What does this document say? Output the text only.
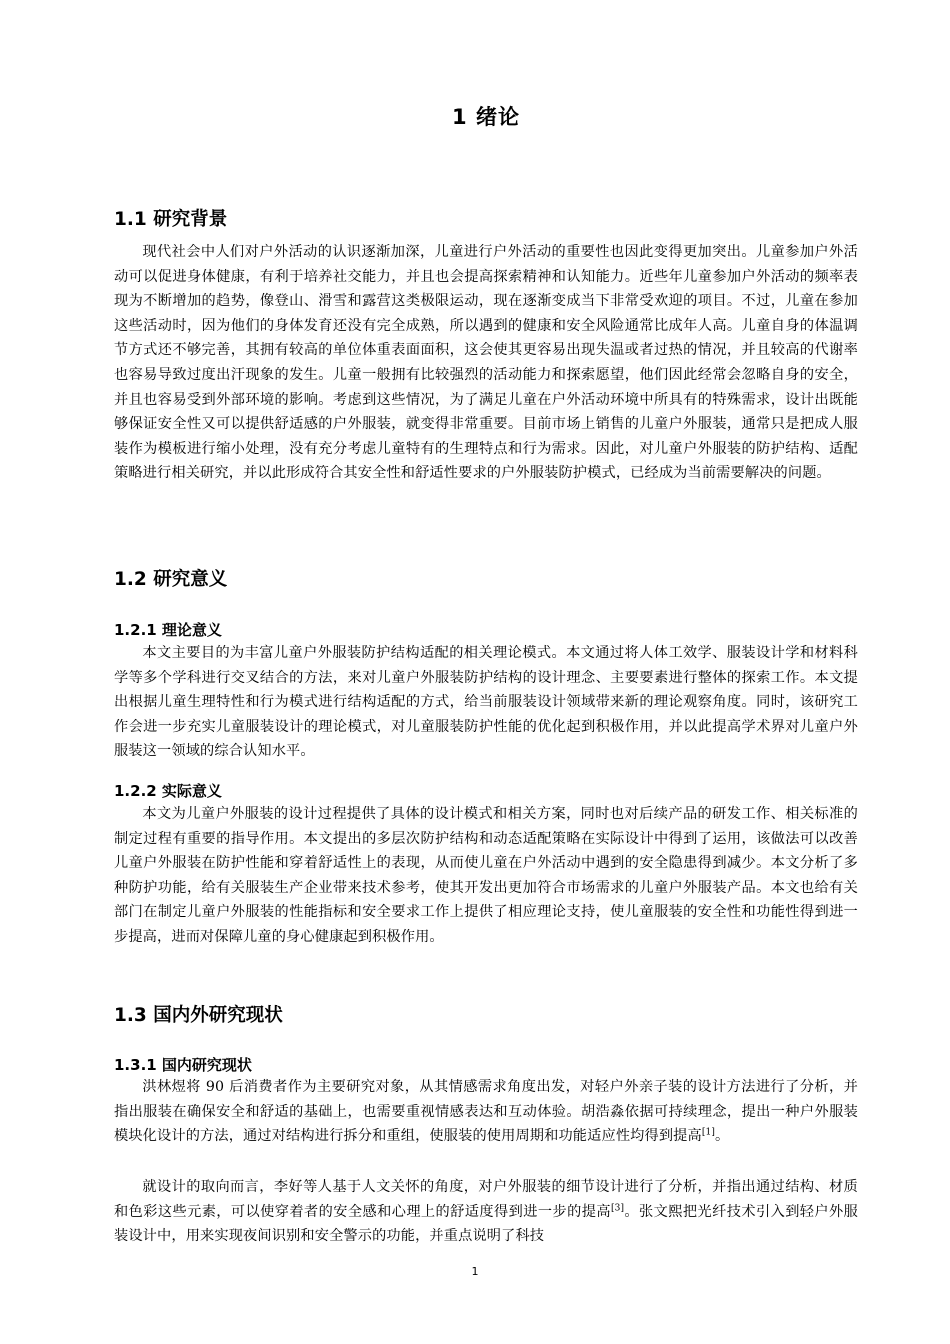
1 绪论
1.1 研究背景

现代社会中人们对户外活动的认识逐渐加深，儿童进行户外活动的重要性也因此变得更加突出。儿童参加户外活动可以促进身体健康，有利于培养社交能力，并且也会提高探索精神和认知能力。近些年儿童参加户外活动的频率表现为不断增加的趋势，像登山、滑雪和露营这类极限运动，现在逐渐变成当下非常受欢迎的项目。不过，儿童在参加这些活动时，因为他们的身体发育还没有完全成熟，所以遇到的健康和安全风险通常比成年人高。儿童自身的体温调节方式还不够完善，其拥有较高的单位体重表面面积，这会使其更容易出现失温或者过热的情况，并且较高的代谢率也容易导致过度出汗现象的发生。儿童一般拥有比较强烈的活动能力和探索愿望，他们因此经常会忽略自身的安全，并且也容易受到外部环境的影响。考虑到这些情况，为了满足儿童在户外活动环境中所具有的特殊需求，设计出既能够保证安全性又可以提供舒适感的户外服装，就变得非常重要。目前市场上销售的儿童户外服装，通常只是把成人服装作为模板进行缩小处理，没有充分考虑儿童特有的生理特点和行为需求。因此，对儿童户外服装的防护结构、适配策略进行相关研究，并以此形成符合其安全性和舒适性要求的户外服装防护模式，已经成为当前需要解决的问题。

1.2 研究意义
1.2.1 理论意义

本文主要目的为丰富儿童户外服装防护结构适配的相关理论模式。本文通过将人体工效学、服装设计学和材料科学等多个学科进行交叉结合的方法，来对儿童户外服装防护结构的设计理念、主要要素进行整体的探索工作。本文提出根据儿童生理特性和行为模式进行结构适配的方式，给当前服装设计领域带来新的理论观察角度。同时，该研究工作会进一步充实儿童服装设计的理论模式，对儿童服装防护性能的优化起到积极作用，并以此提高学术界对儿童户外服装这一领域的综合认知水平。

1.2.2 实际意义

本文为儿童户外服装的设计过程提供了具体的设计模式和相关方案，同时也对后续产品的研发工作、相关标准的制定过程有重要的指导作用。本文提出的多层次防护结构和动态适配策略在实际设计中得到了运用，该做法可以改善儿童户外服装在防护性能和穿着舒适性上的表现，从而使儿童在户外活动中遇到的安全隐患得到减少。本文分析了多种防护功能，给有关服装生产企业带来技术参考，使其开发出更加符合市场需求的儿童户外服装产品。本文也给有关部门在制定儿童户外服装的性能指标和安全要求工作上提供了相应理论支持，使儿童服装的安全性和功能性得到进一步提高，进而对保障儿童的身心健康起到积极作用。

1.3 国内外研究现状
1.3.1 国内研究现状

洪林煜将 90 后消费者作为主要研究对象，从其情感需求角度出发，对轻户外亲子装的设计方法进行了分析，并指出服装在确保安全和舒适的基础上，也需要重视情感表达和互动体验。胡浩淼依据可持续理念，提出一种户外服装模块化设计的方法，通过对结构进行拆分和重组，使服装的使用周期和功能适应性均得到提高[1]。

就设计的取向而言，李好等人基于人文关怀的角度，对户外服装的细节设计进行了分析，并指出通过结构、材质和色彩这些元素，可以使穿着者的安全感和心理上的舒适度得到进一步的提高[3]。张文熙把光纤技术引入到轻户外服装设计中，用来实现夜间识别和安全警示的功能，并重点说明了科技

1
